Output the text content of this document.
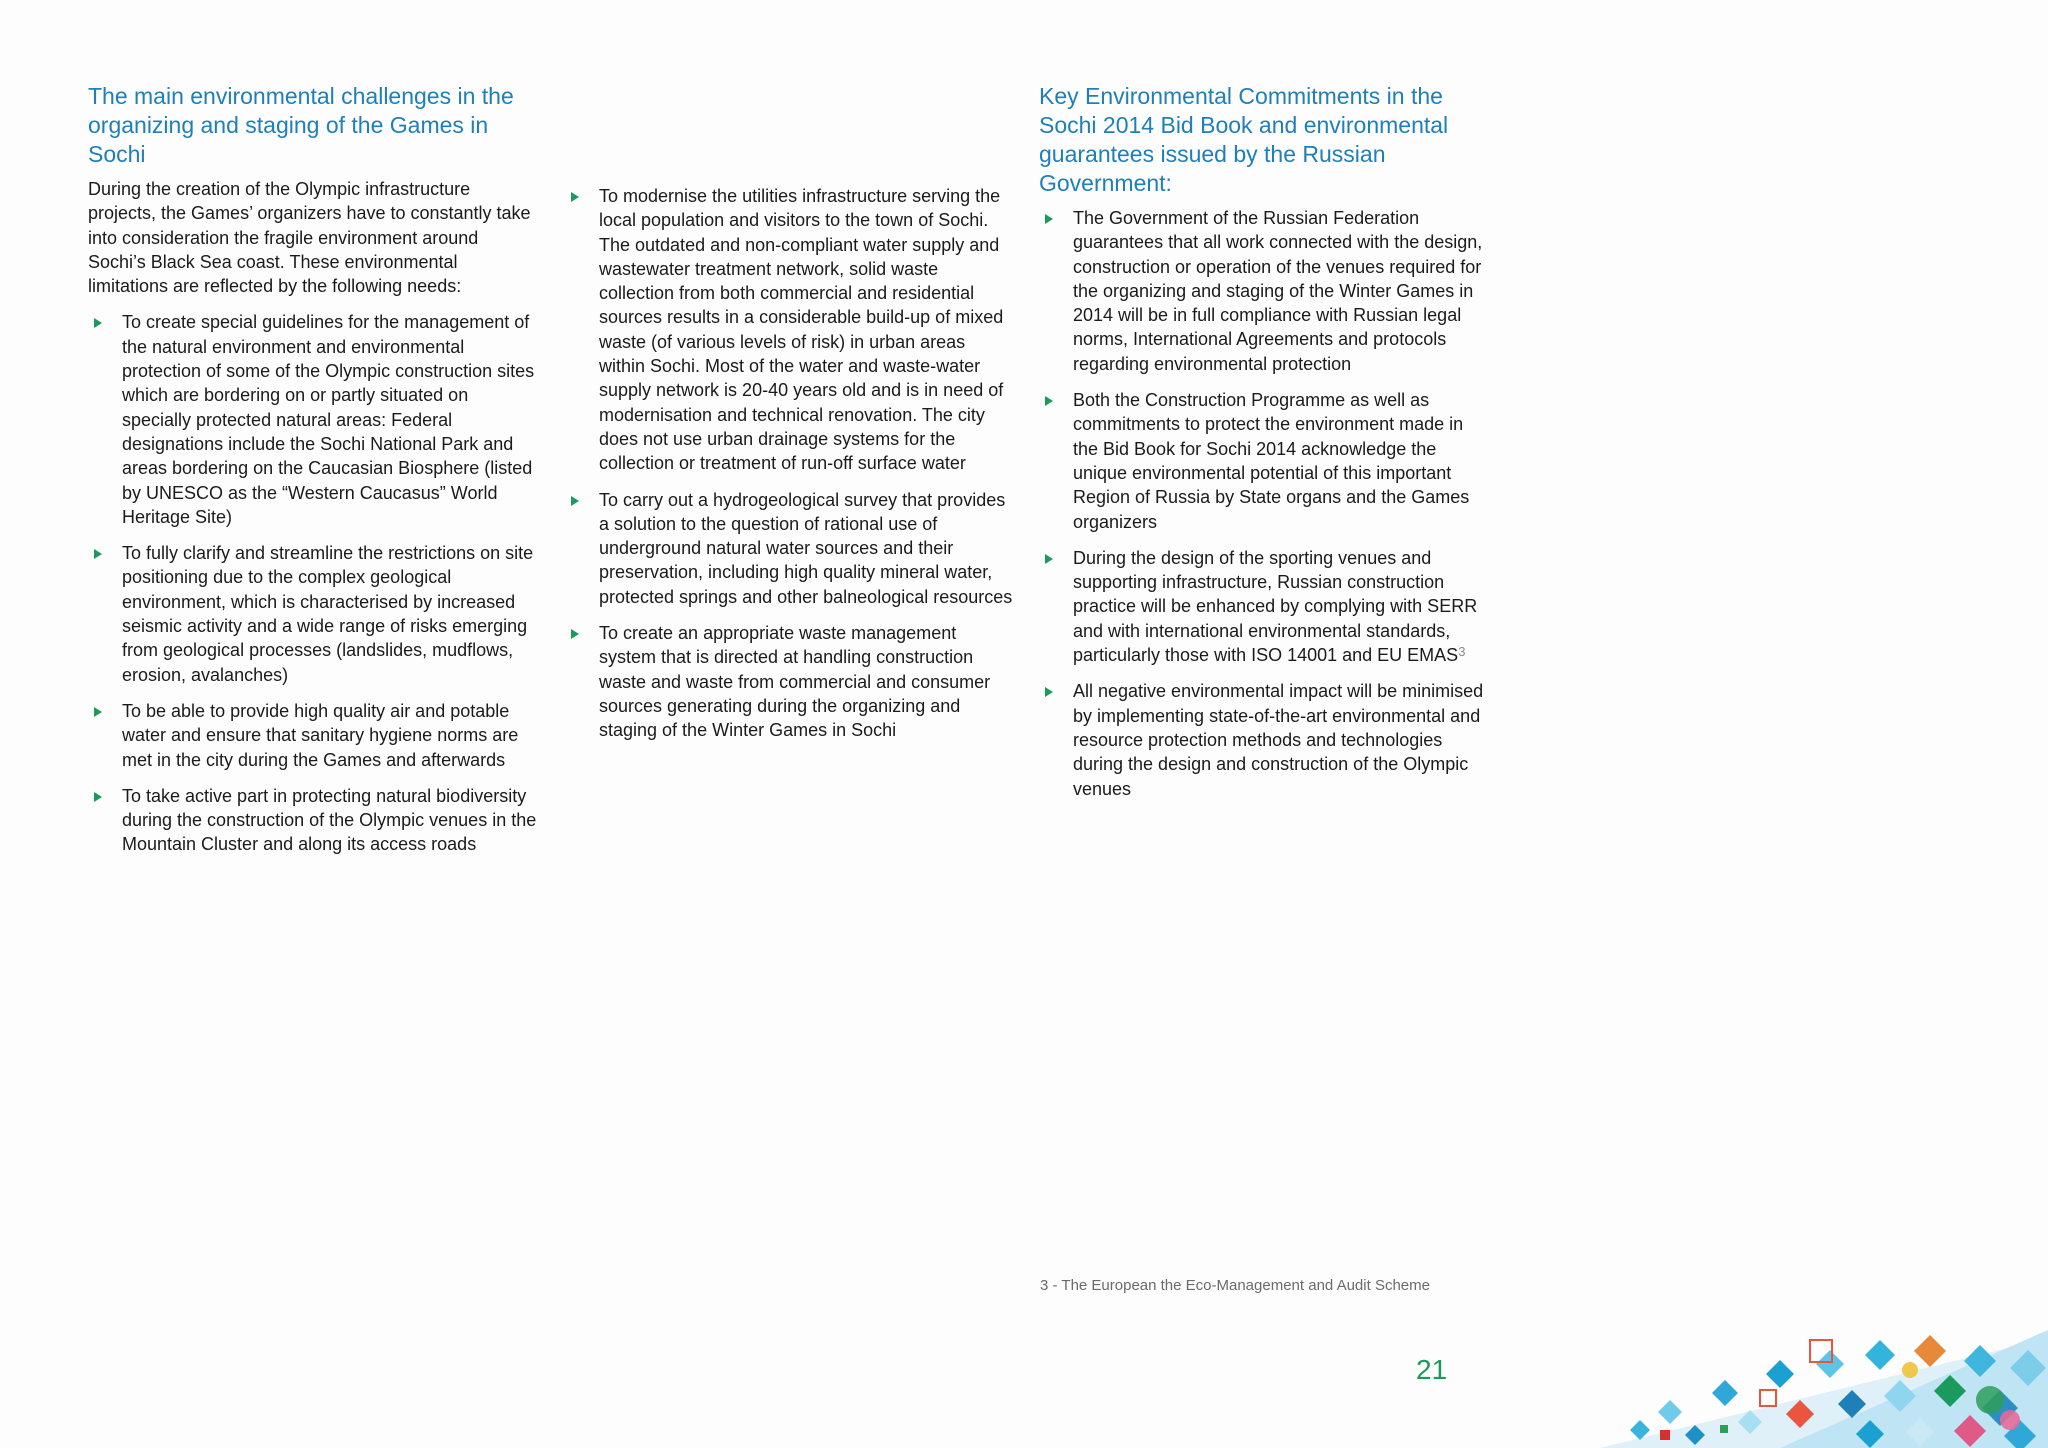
The main environmental challenges in the organizing and staging of the Games in Sochi

During the creation of the Olympic infrastructure projects, the Games’ organizers have to constantly take into consideration the fragile environment around Sochi’s Black Sea coast. These environmental limitations are reflected by the following needs:

To create special guidelines for the management of the natural environment and environmental protection of some of the Olympic construction sites which are bordering on or partly situated on specially protected natural areas: Federal designations include the Sochi National Park and areas bordering on the Caucasian Biosphere (listed by UNESCO as the “Western Caucasus” World Heritage Site)
To fully clarify and streamline the restrictions on site positioning due to the complex geological environment, which is characterised by increased seismic activity and a wide range of risks emerging from geological processes (landslides, mudflows, erosion, avalanches)
To be able to provide high quality air and potable water and ensure that sanitary hygiene norms are met in the city during the Games and afterwards
To take active part in protecting natural biodiversity during the construction of the Olympic venues in the Mountain Cluster and along its access roads
To modernise the utilities infrastructure serving the local population and visitors to the town of Sochi. The outdated and non-compliant water supply and wastewater treatment network, solid waste collection from both commercial and residential sources results in a considerable build-up of mixed waste (of various levels of risk) in urban areas within Sochi. Most of the water and waste-water supply network is 20-40 years old and is in need of modernisation and technical renovation. The city does not use urban drainage systems for the collection or treatment of run-off surface water
To carry out a hydrogeological survey that provides a solution to the question of rational use of underground natural water sources and their preservation, including high quality mineral water, protected springs and other balneological resources
To create an appropriate waste management system that is directed at handling construction waste and waste from commercial and consumer sources generating during the organizing and staging of the Winter Games in Sochi
Key Environmental Commitments in the Sochi 2014 Bid Book and environmental guarantees issued by the Russian Government:
The Government of the Russian Federation guarantees that all work connected with the design, construction or operation of the venues required for the organizing and staging of the Winter Games in 2014 will be in full compliance with Russian legal norms, International Agreements and protocols regarding environmental protection
Both the Construction Programme as well as commitments to protect the environment made in the Bid Book for Sochi 2014 acknowledge the unique environmental potential of this important Region of Russia by State organs and the Games organizers
During the design of the sporting venues and supporting infrastructure, Russian construction practice will be enhanced by complying with SERR and with international environmental standards, particularly those with ISO 14001 and EU EMAS$^3$
All negative environmental impact will be minimised by implementing state-of-the-art environmental and resource protection methods and technologies during the design and construction of the Olympic venues
3 - The European the Eco-Management and Audit Scheme
21
